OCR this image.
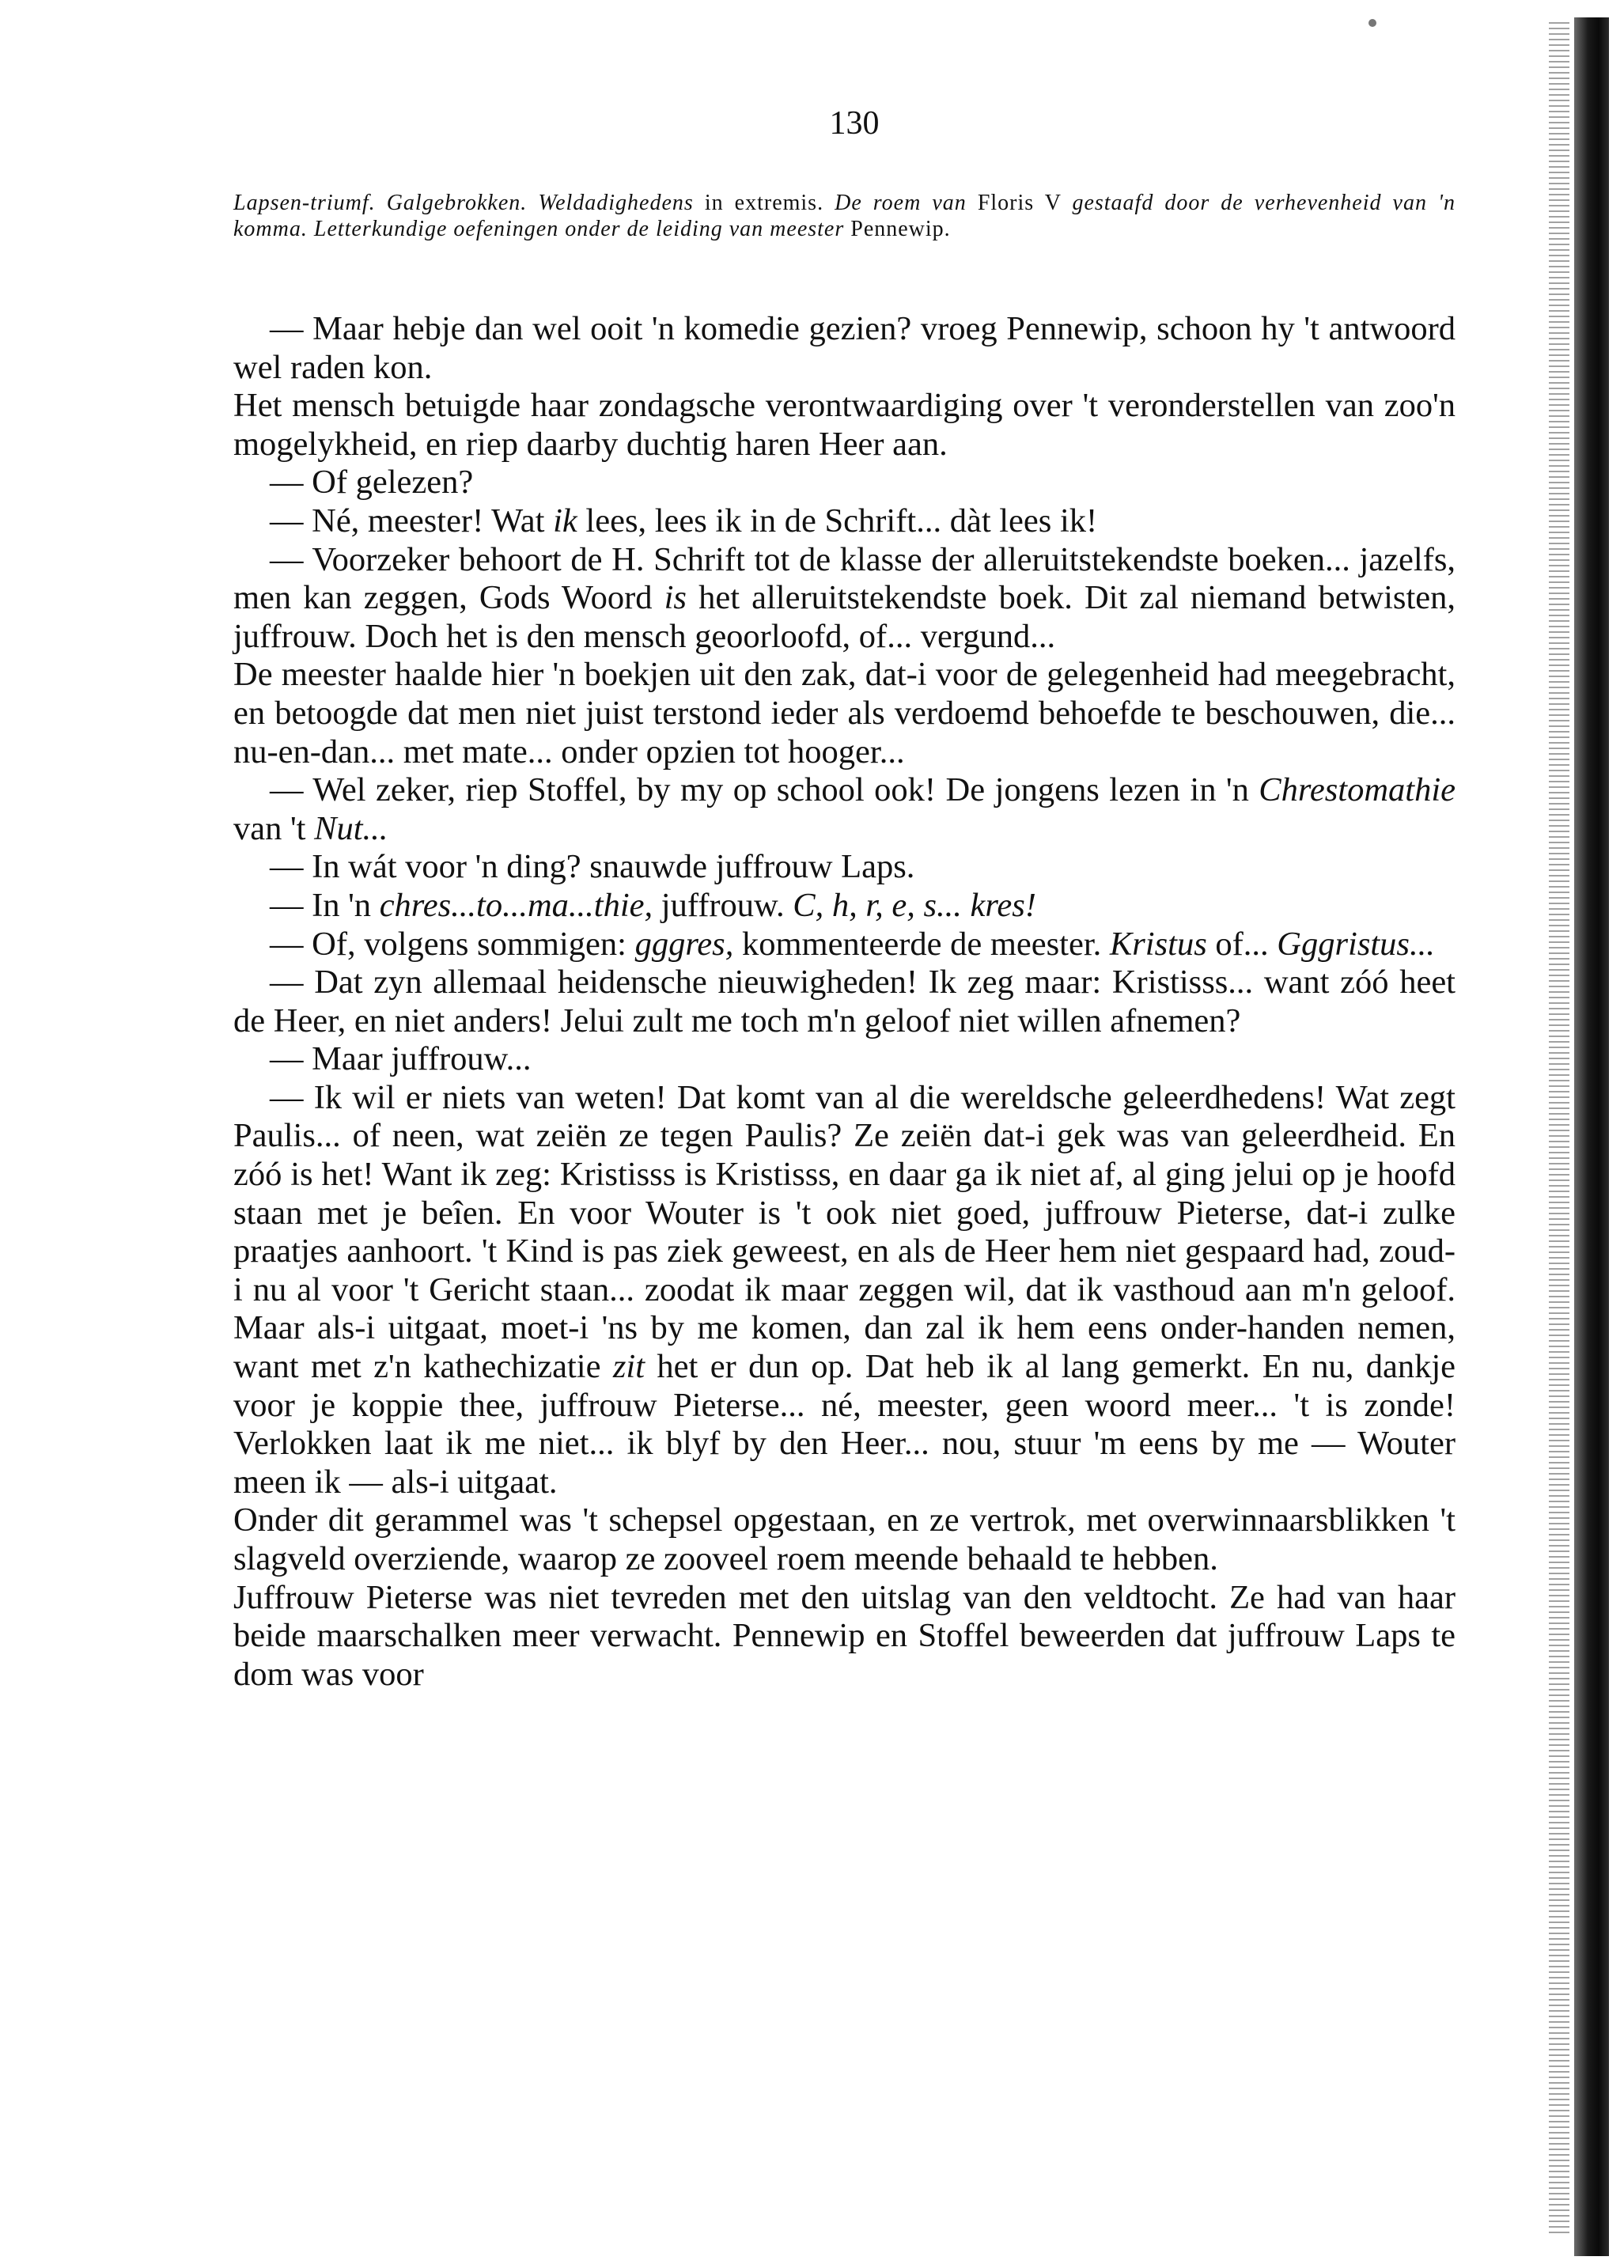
130
Lapsen-triumf. Galgebrokken. Weldadighedens in extremis. De roem van Floris V gestaafd door de verhevenheid van 'n komma. Letterkundige oefeningen onder de leiding van meester Pennewip.

— Maar hebje dan wel ooit 'n komedie gezien? vroeg Pennewip, schoon hy 't antwoord wel raden kon.

Het mensch betuigde haar zondagsche verontwaardiging over 't veronderstellen van zoo'n mogelykheid, en riep daarby duchtig haren Heer aan.

— Of gelezen?

— Né, meester! Wat ik lees, lees ik in de Schrift... dàt lees ik!

— Voorzeker behoort de H. Schrift tot de klasse der alleruitstekendste boeken... jazelfs, men kan zeggen, Gods Woord is het alleruitstekendste boek. Dit zal niemand betwisten, juffrouw. Doch het is den mensch geoorloofd, of... vergund...

De meester haalde hier 'n boekjen uit den zak, dat-i voor de gelegenheid had meegebracht, en betoogde dat men niet juist terstond ieder als verdoemd behoefde te beschouwen, die... nu-en-dan... met mate... onder opzien tot hooger...

— Wel zeker, riep Stoffel, by my op school ook! De jongens lezen in 'n Chrestomathie van 't Nut...

— In wát voor 'n ding? snauwde juffrouw Laps.

— In 'n chres...to...ma...thie, juffrouw. C, h, r, e, s... kres!

— Of, volgens sommigen: gggres, kommenteerde de meester. Kristus of... Gggristus...

— Dat zyn allemaal heidensche nieuwigheden! Ik zeg maar: Kristisss... want zóó heet de Heer, en niet anders! Jelui zult me toch m'n geloof niet willen afnemen?

— Maar juffrouw...

— Ik wil er niets van weten! Dat komt van al die wereldsche geleerdhedens! Wat zegt Paulis... of neen, wat zeiën ze tegen Paulis? Ze zeiën dat-i gek was van geleerdheid. En zóó is het! Want ik zeg: Kristisss is Kristisss, en daar ga ik niet af, al ging jelui op je hoofd staan met je beîen. En voor Wouter is 't ook niet goed, juffrouw Pieterse, dat-i zulke praatjes aanhoort. 't Kind is pas ziek geweest, en als de Heer hem niet gespaard had, zoud-i nu al voor 't Gericht staan... zoodat ik maar zeggen wil, dat ik vasthoud aan m'n geloof. Maar als-i uitgaat, moet-i 'ns by me komen, dan zal ik hem eens onder-handen nemen, want met z'n kathechizatie zit het er dun op. Dat heb ik al lang gemerkt. En nu, dankje voor je koppie thee, juffrouw Pieterse... né, meester, geen woord meer... 't is zonde! Verlokken laat ik me niet... ik blyf by den Heer... nou, stuur 'm eens by me — Wouter meen ik — als-i uitgaat.

Onder dit gerammel was 't schepsel opgestaan, en ze vertrok, met overwinnaarsblikken 't slagveld overziende, waarop ze zooveel roem meende behaald te hebben.

Juffrouw Pieterse was niet tevreden met den uitslag van den veldtocht. Ze had van haar beide maarschalken meer verwacht. Pennewip en Stoffel beweerden dat juffrouw Laps te dom was voor
